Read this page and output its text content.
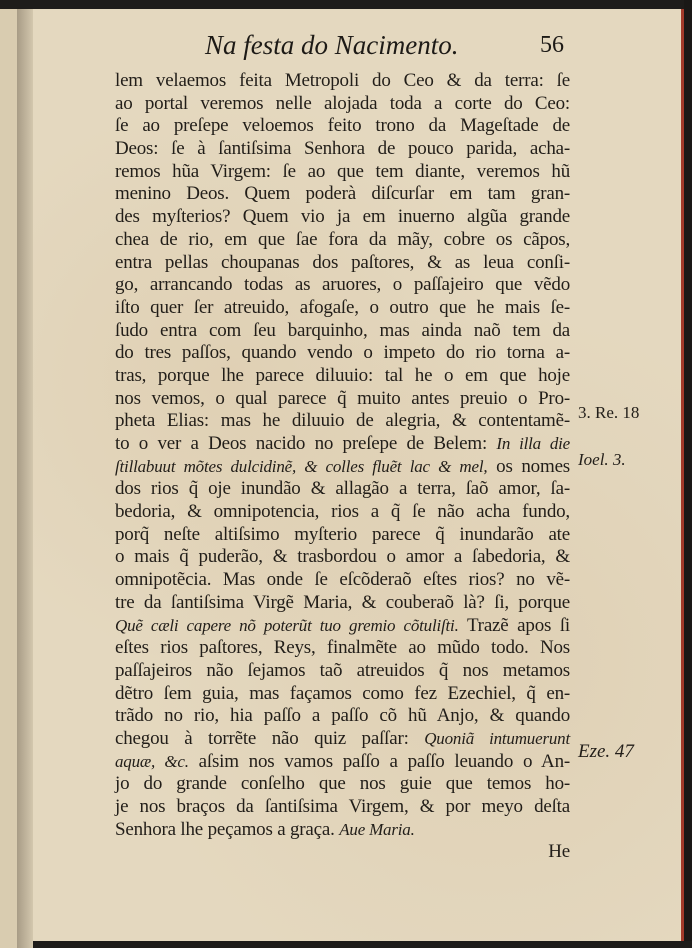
Na festa do Nacimento.	56
lem velaemos feita Metropoli do Ceo & da terra: ſe
ao portal veremos nelle alojada toda a corte do Ceo:
ſe ao preſepe veloemos feito trono da Mageſtade de
Deos: ſe à ſantiſsima Senhora de pouco parida, acha-
remos hũa Virgem: ſe ao que tem diante, veremos hũ
menino Deos. Quem poderà diſcurſar em tam gran-
des myſterios? Quem vio ja em inuerno algũa grande
chea de rio, em que ſae fora da mãy, cobre os cãpos,
entra pellas choupanas dos paſtores, & as leua conſi-
go, arrancando todas as aruores, o paſſajeiro que vẽdo
iſto quer ſer atreuido, afogaſe, o outro que he mais ſe-
ſudo entra com ſeu barquinho, mas ainda naõ tem da
do tres paſſos, quando vendo o impeto do rio torna a-
tras, porque lhe parece diluuio: tal he o em que hoje
nos vemos, o qual parece q̃ muito antes preuio o Pro-
pheta Elias: mas he diluuio de alegria, & contentamẽ-
to o ver a Deos nacido no preſepe de Belem: In illa die
ſtillabuut mõtes dulcidinẽ, & colles fluẽt lac & mel, os nomes
dos rios q̃ oje inundão & allagão a terra, ſaõ amor, ſa-
bedoria, & omnipotencia, rios a q̃ ſe não acha fundo,
porq̃ neſte altiſsimo myſterio parece q̃ inundarão ate
o mais q̃ puderão, & trasbordou o amor a ſabedoria, &
omnipotẽcia. Mas onde ſe eſcõderaõ eſtes rios? no vẽ-
tre da ſantiſsima Virgẽ Maria, & couberaõ là? ſi, porque
Quẽ cæli capere nõ poterũt tuo gremio cõtuliſti. Trazẽ apos ſi
eſtes rios paſtores, Reys, finalmẽte ao mũdo todo. Nos
paſſajeiros não ſejamos taõ atreuidos q̃ nos metamos
dẽtro ſem guia, mas façamos como fez Ezechiel, q̃ en-
trãdo no rio, hia paſſo a paſſo cõ hũ Anjo, & quando
chegou à torrẽte não quiz paſſar: Quoniã intumuerunt
aquæ, &c. aſsim nos vamos paſſo a paſſo leuando o An-
jo do grande conſelho que nos guie que temos ho-
je nos braços da ſantiſsima Virgem, & por meyo deſta
Senhora lhe peçamos a graça. Aue Maria.
He
3. Re. 18
Ioel. 3.
Eze. 47
